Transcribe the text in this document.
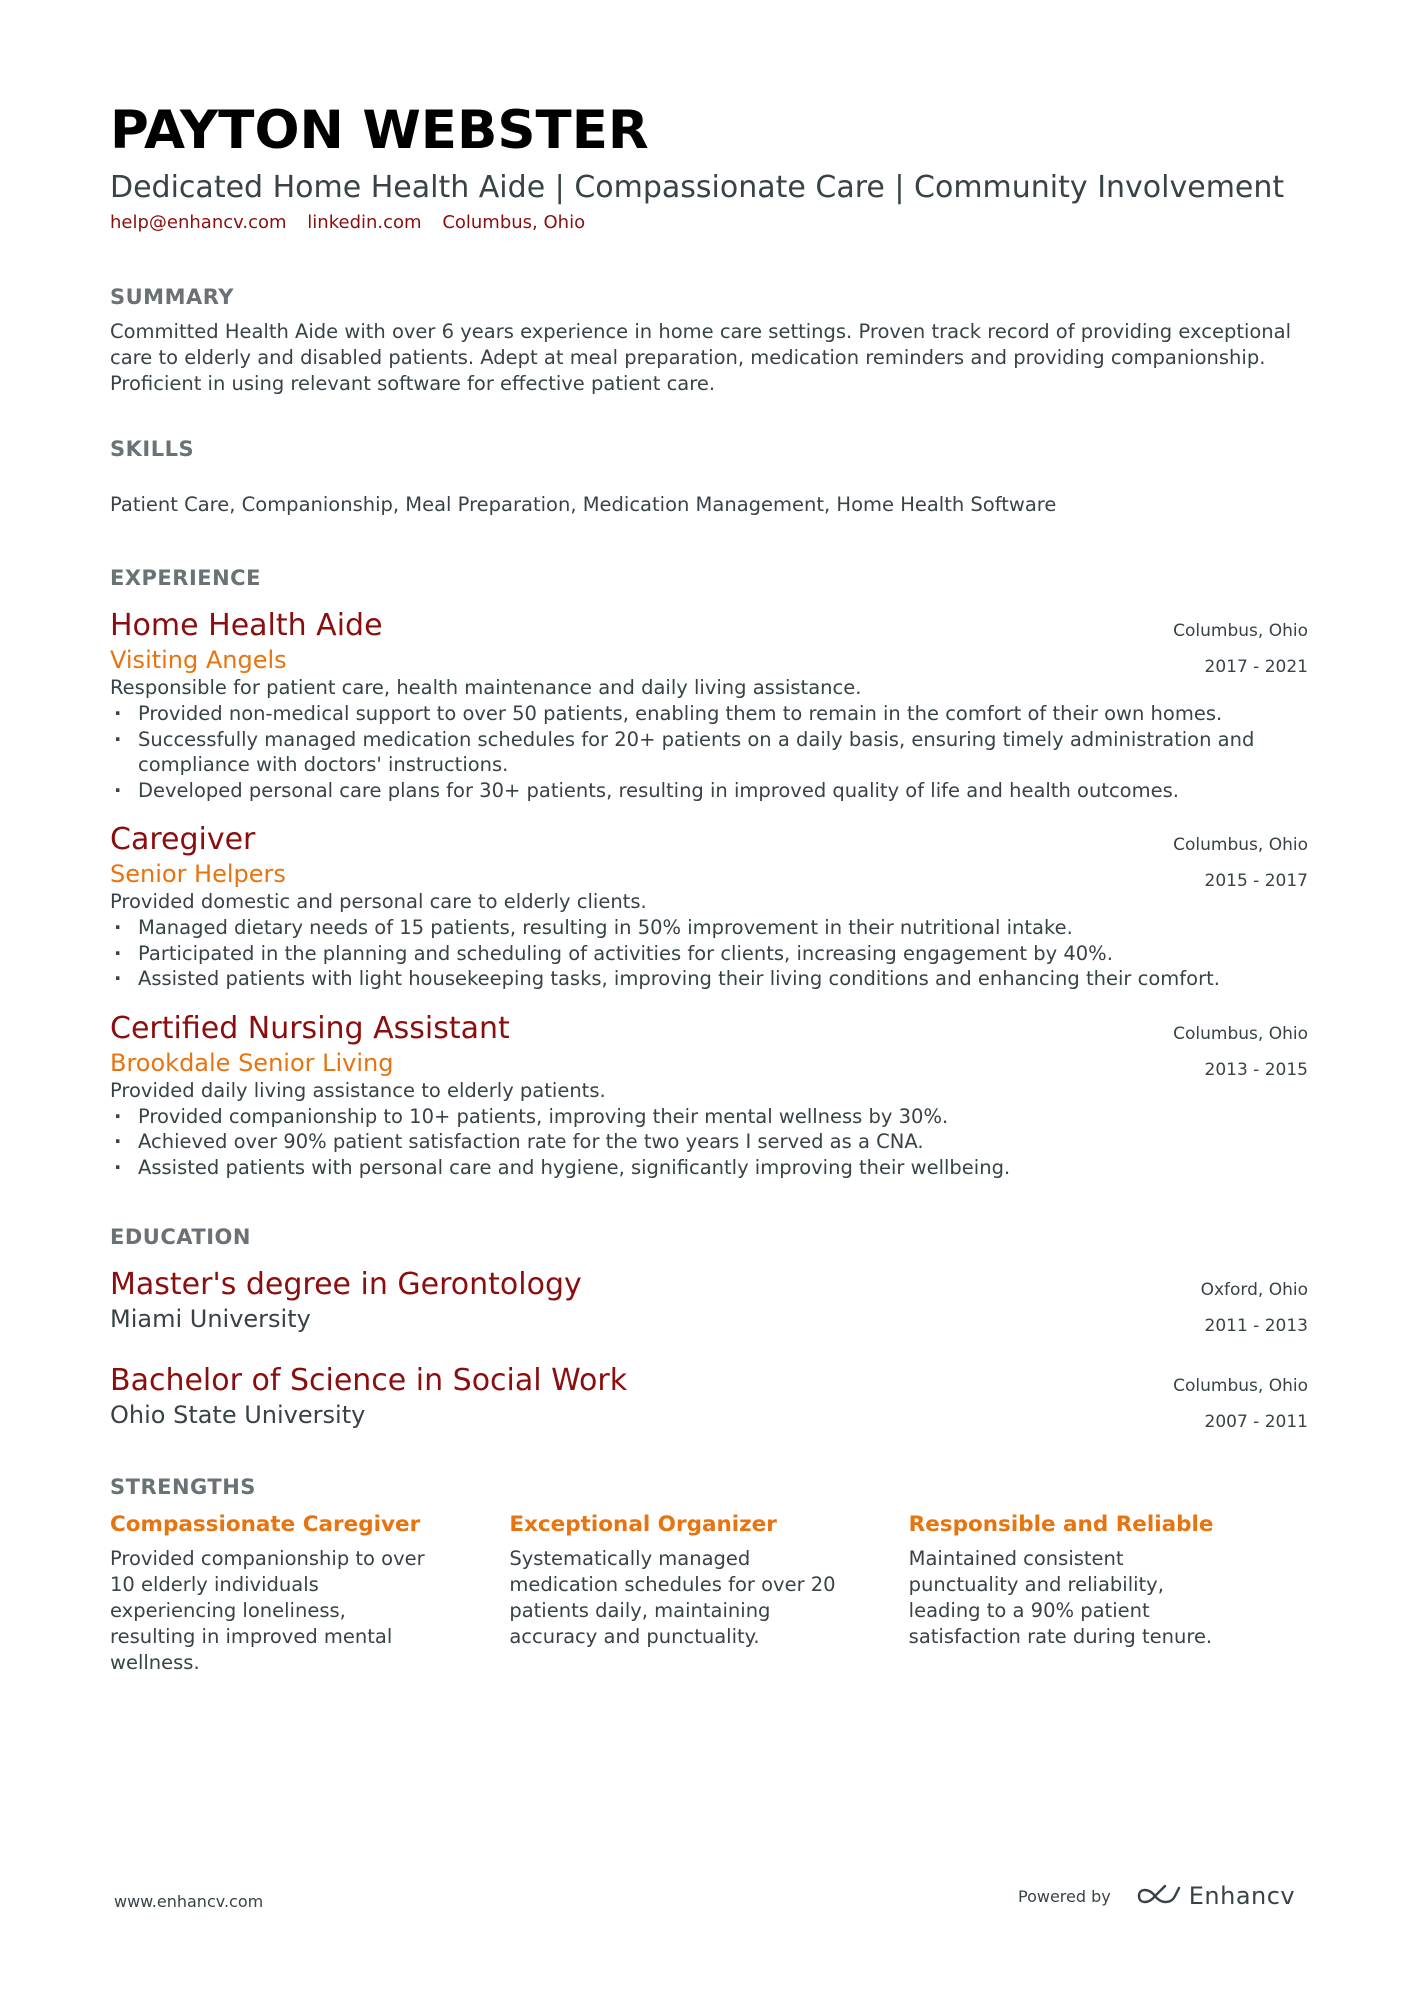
PAYTON WEBSTER
Dedicated Home Health Aide | Compassionate Care | Community Involvement
help@enhancv.com linkedin.com Columbus, Ohio
SUMMARY

Committed Health Aide with over 6 years experience in home care settings. Proven track record of providing exceptional care to elderly and disabled patients. Adept at meal preparation, medication reminders and providing companionship. Proficient in using relevant software for effective patient care.

SKILLS

Patient Care, Companionship, Meal Preparation, Medication Management, Home Health Software

EXPERIENCE
Home Health Aide
Visiting Angels
Columbus, Ohio
2017 - 2021

Responsible for patient care, health maintenance and daily living assistance.

· Provided non-medical support to over 50 patients, enabling them to remain in the comfort of their own homes.
· Successfully managed medication schedules for 20+ patients on a daily basis, ensuring timely administration and compliance with doctors' instructions.
· Developed personal care plans for 30+ patients, resulting in improved quality of life and health outcomes.
Caregiver
Senior Helpers
Columbus, Ohio
2015 - 2017

Provided domestic and personal care to elderly clients.

· Managed dietary needs of 15 patients, resulting in 50% improvement in their nutritional intake.
· Participated in the planning and scheduling of activities for clients, increasing engagement by 40%.
· Assisted patients with light housekeeping tasks, improving their living conditions and enhancing their comfort.
Certified Nursing Assistant
Brookdale Senior Living
Columbus, Ohio
2013 - 2015

Provided daily living assistance to elderly patients.

· Provided companionship to 10+ patients, improving their mental wellness by 30%.
· Achieved over 90% patient satisfaction rate for the two years I served as a CNA.
· Assisted patients with personal care and hygiene, significantly improving their wellbeing.
EDUCATION
Master's degree in Gerontology
Miami University
Oxford, Ohio
2011 - 2013
Bachelor of Science in Social Work
Ohio State University
Columbus, Ohio
2007 - 2011
STRENGTHS
Compassionate Caregiver

Provided companionship to over 10 elderly individuals experiencing loneliness, resulting in improved mental wellness.

Exceptional Organizer

Systematically managed medication schedules for over 20 patients daily, maintaining accuracy and punctuality.

Responsible and Reliable

Maintained consistent punctuality and reliability, leading to a 90% patient satisfaction rate during tenure.

www.enhancv.com	Powered by	Enhancv
